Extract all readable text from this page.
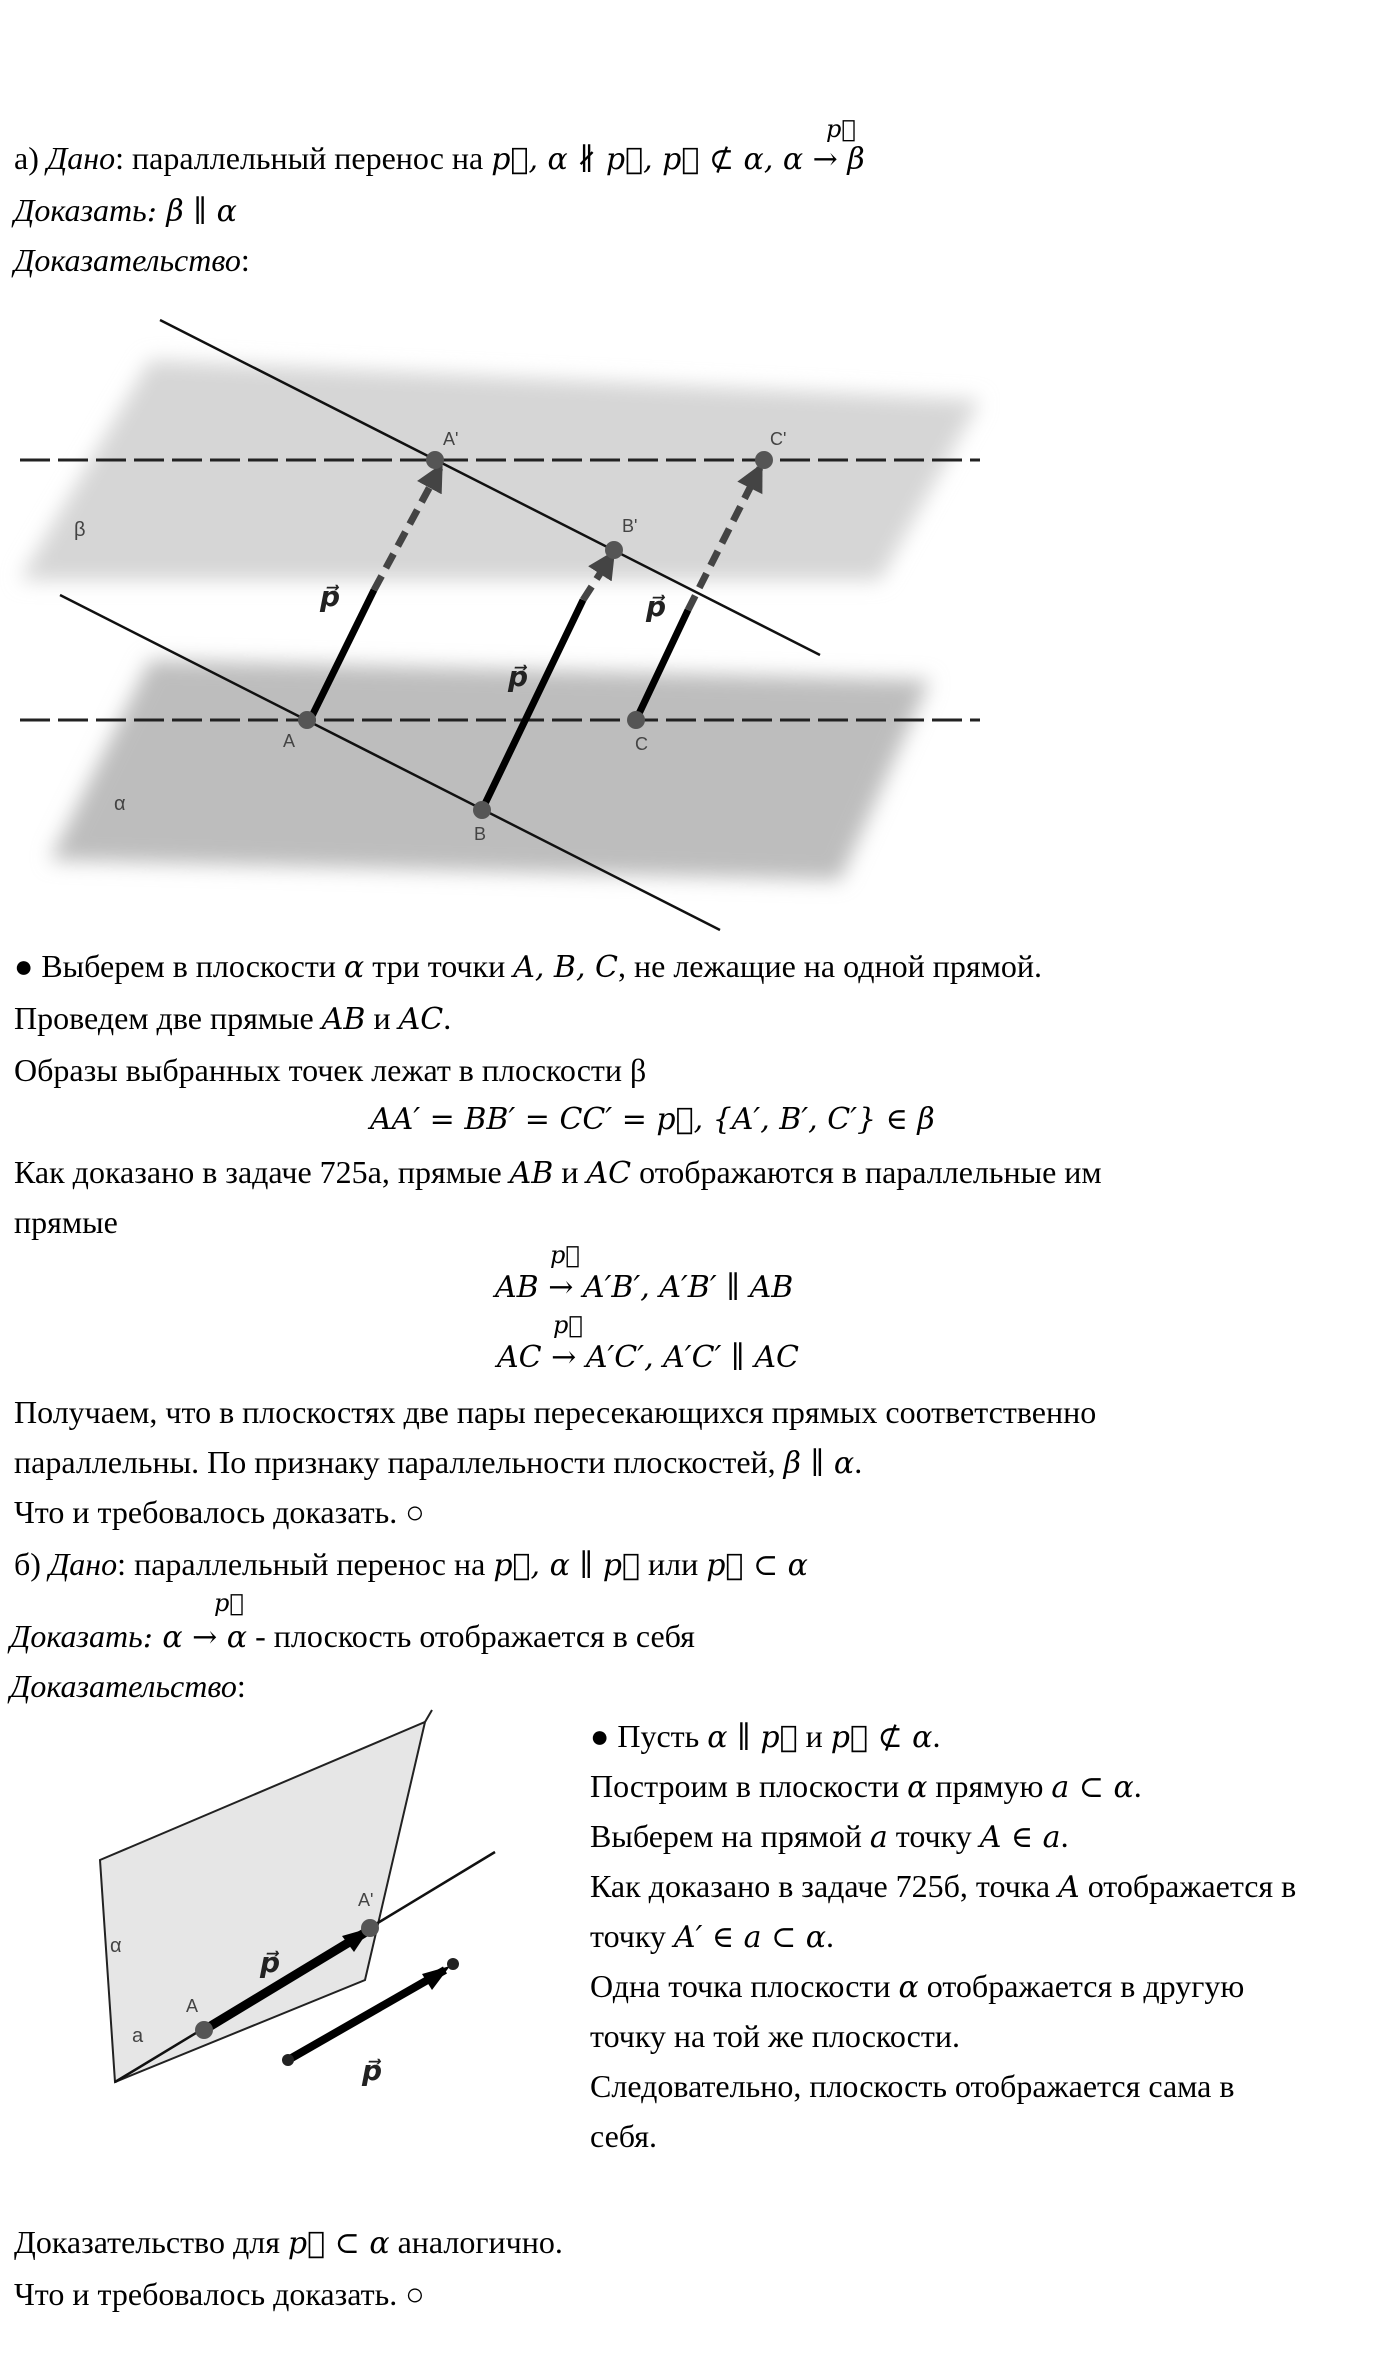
а) Дано: параллельный перенос на p⃗, α ∦ p⃗, p⃗ ⊄ α, α → β
p⃗
Доказать: β ∥ α
Доказательство:
A
B
C
A'
B'
C'
β
α
p⃗
p⃗
p⃗
● Выберем в плоскости α три точки A, B, C, не лежащие на одной прямой.
Проведем две прямые AB и AC.
Образы выбранных точек лежат в плоскости β
AA′ = BB′ = CC′ = p⃗, {A′, B′, C′} ∈ β
Как доказано в задаче 725а, прямые AB и AC отображаются в параллельные им
прямые
p⃗
AB → A′B′, A′B′ ∥ AB
p⃗
AC → A′C′, A′C′ ∥ AC
Получаем, что в плоскостях две пары пересекающихся прямых соответственно
параллельны. По признаку параллельности плоскостей, β ∥ α.
Что и требовалось доказать. ○
б) Дано: параллельный перенос на p⃗, α ∥ p⃗ или p⃗ ⊂ α
p⃗
Доказать: α → α - плоскость отображается в себя
Доказательство:
A
A'
α
a
p⃗
p⃗
● Пусть α ∥ p⃗ и p⃗ ⊄ α.
Построим в плоскости α прямую a ⊂ α.
Выберем на прямой a точку A ∈ a.
Как доказано в задаче 725б, точка A отображается в
точку A′ ∈ a ⊂ α.
Одна точка плоскости α отображается в другую
точку на той же плоскости.
Следовательно, плоскость отображается сама в
себя.
Доказательство для p⃗ ⊂ α аналогично.
Что и требовалось доказать. ○
